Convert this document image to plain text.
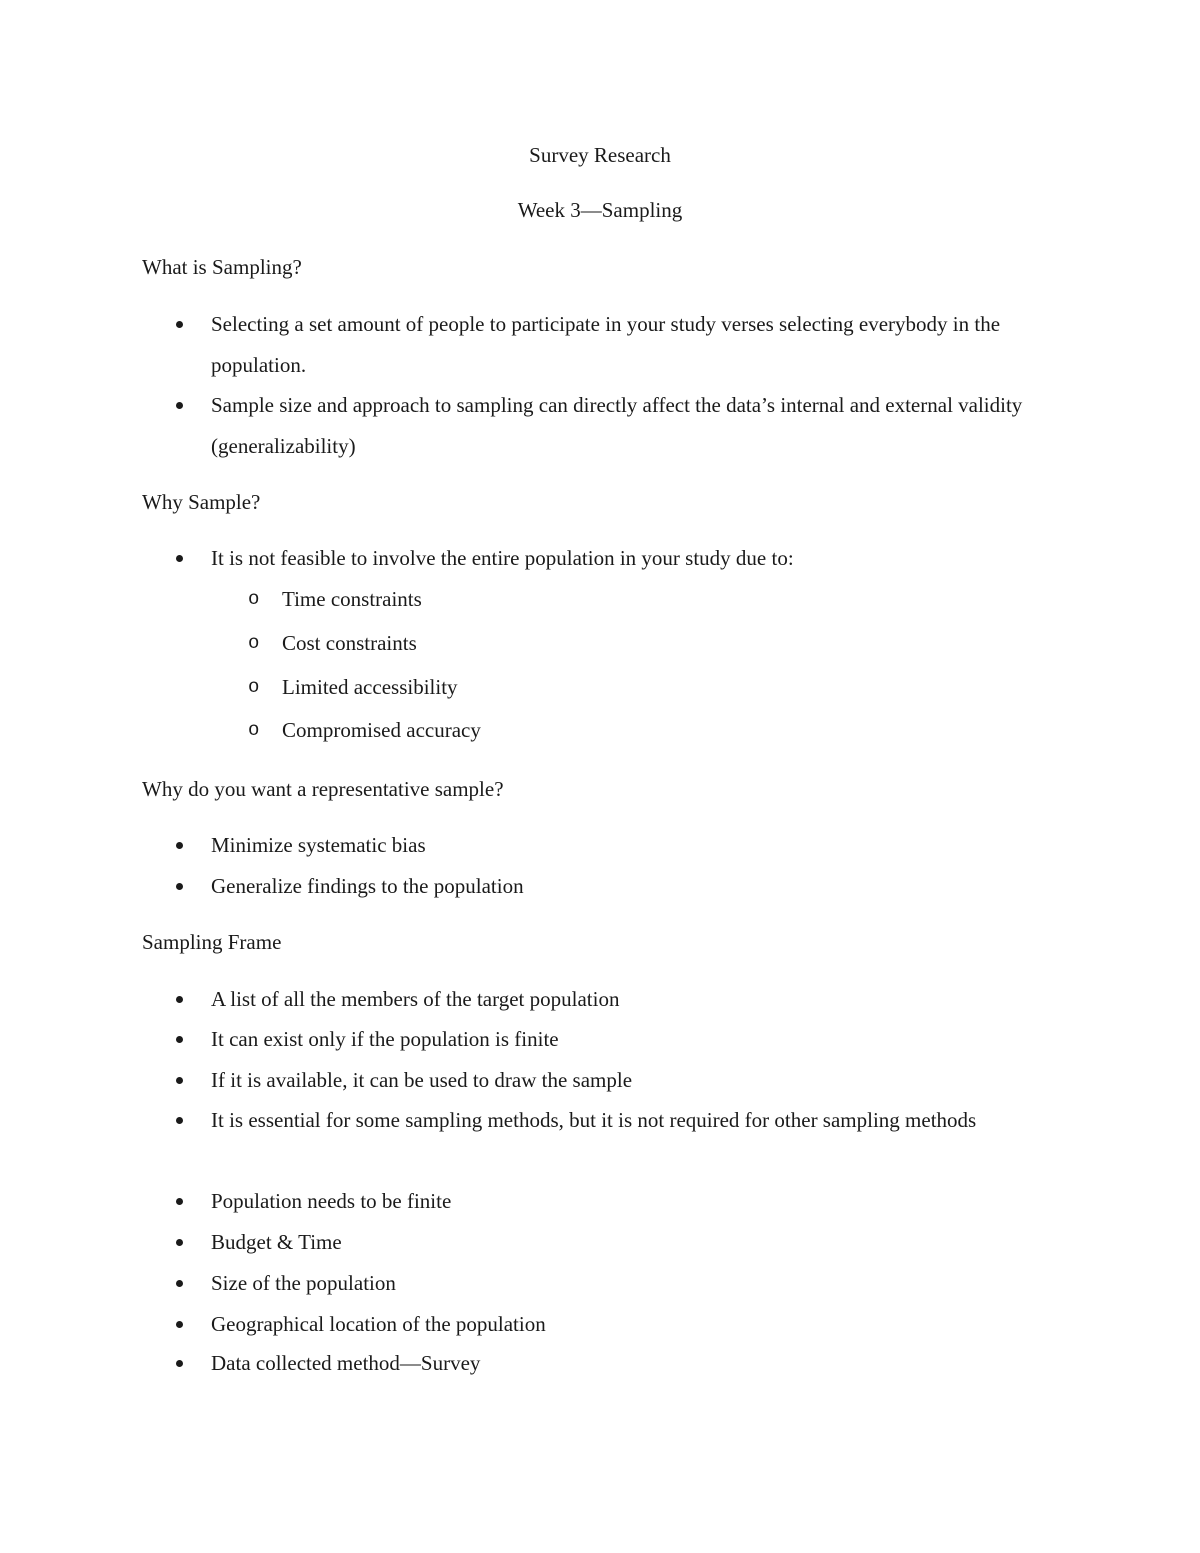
Survey Research
Week 3—Sampling
What is Sampling?
Selecting a set amount of people to participate in your study verses selecting everybody in the population.
Sample size and approach to sampling can directly affect the data’s internal and external validity (generalizability)
Why Sample?
It is not feasible to involve the entire population in your study due to:
o Time constraints
o Cost constraints
o Limited accessibility
o Compromised accuracy
Why do you want a representative sample?
Minimize systematic bias
Generalize findings to the population
Sampling Frame
A list of all the members of the target population
It can exist only if the population is finite
If it is available, it can be used to draw the sample
It is essential for some sampling methods, but it is not required for other sampling methods
Population needs to be finite
Budget & Time
Size of the population
Geographical location of the population
Data collected method—Survey
